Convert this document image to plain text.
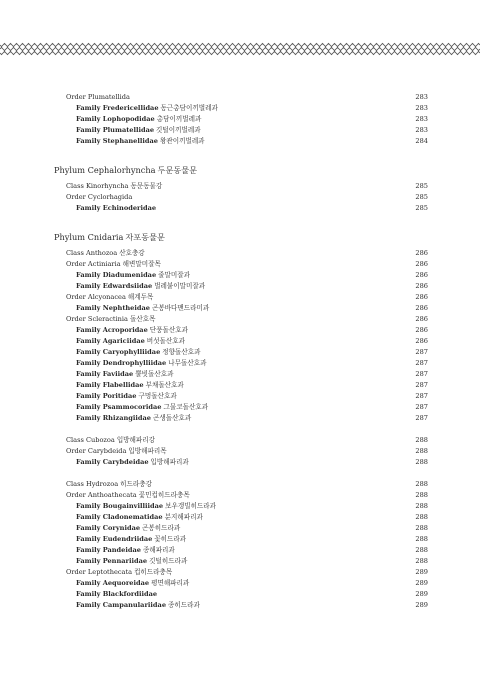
Order Plumatellida	283
Family Fredericellidae 동근총담이끼벌레과	283
Family Lophopodidae 총담이끼벌레과	283
Family Plumatellidae 깃털이끼벌레과	283
Family Stephanellidae 왕관이끼벌레과	284
Phylum Cephalorhyncha 두문동물문
Class Kinorhyncha 동문동물강	285
Order Cyclorhagida	285
Family Echinoderidae	285
Phylum Cnidaria 자포동물문
Class Anthozoa 산호충강	286
Order Actiniaria 해변말미잘목	286
Family Diadumenidae 줄말미잘과	286
Family Edwardsiidae 벌레붙이말미잘과	286
Order Alcyonacea 해계두목	286
Family Nephtheidae 곤봉바다맨드라미과	286
Order Scleractinia 돌산호목	286
Family Acroporidae 단풍돌산호과	286
Family Agariciidae 버섯돌산호과	286
Family Caryophylliidae 정향돌산호과	287
Family Dendrophylliidae 나무돌산호과	287
Family Faviidae 뿔빗돌산호과	287
Family Flabellidae 부채돌산호과	287
Family Poritidae 구멍돌산호과	287
Family Psammocoridae 그물코돌산호과	287
Family Rhizangiidae 곤생돌산호과	287
Class Cubozoa 입방해파리강	288
Order Carybdeida 입방해파리목	288
Family Carybdeidae 입방해파리과	288
Class Hydrozoa 히드라충강	288
Order Anthoathecata 꽃민컵히드라충목	288
Family Bougainvilliidae 보우갱빌히드라과	288
Family Cladonematidae 분지해파리과	288
Family Corynidae 곤봉히드라과	288
Family Eudendriidae 꽃히드라과	288
Family Pandeidae 종해파리과	288
Family Pennariidae 깃털히드라과	288
Order Leptothecata 컵히드라충목	289
Family Aequoreidae 평면해파리과	289
Family Blackfordiidae	289
Family Campanulariidae 종히드라과	289
